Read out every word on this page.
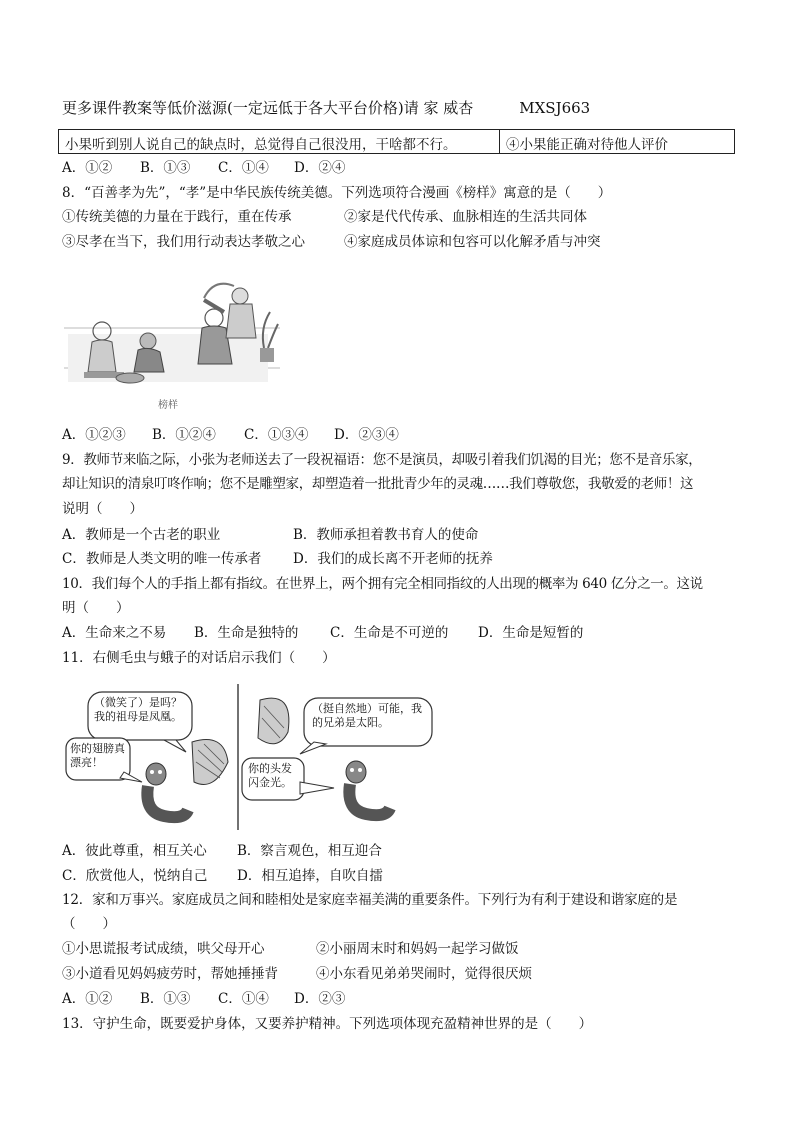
更多课件教案等低价滋源(一定远低于各大平台价格)请 家 威杏	MXSJ663
小果听到别人说自己的缺点时，总觉得自己很没用，干啥都不行。	④小果能正确对待他人评价
A．①② B．①③ C．①④ D．②④
8．“百善孝为先”，“孝”是中华民族传统美德。下列选项符合漫画《榜样》寓意的是（　　）
①传统美德的力量在于践行，重在传承	②家是代代传承、血脉相连的生活共同体
③尽孝在当下，我们用行动表达孝敬之心	④家庭成员体谅和包容可以化解矛盾与冲突
榜样
A．①②③ B．①②④ C．①③④ D．②③④
9．教师节来临之际，小张为老师送去了一段祝福语：您不是演员，却吸引着我们饥渴的目光；您不是音乐家，
却让知识的清泉叮咚作响；您不是雕塑家，却塑造着一批批青少年的灵魂……我们尊敬您，我敬爱的老师！这
说明（　　）
A．教师是一个古老的职业	B．教师承担着教书育人的使命
C．教师是人类文明的唯一传承者 D．我们的成长离不开老师的抚养
10．我们每个人的手指上都有指纹。在世界上，两个拥有完全相同指纹的人出现的概率为 640 亿分之一。这说
明（　　）
A．生命来之不易 B．生命是独特的 C．生命是不可逆的 D．生命是短暂的
11．右侧毛虫与蛾子的对话启示我们（　　）
（微笑了）是吗？我的祖母是凤凰。
你的翅膀真漂亮！
（挺自然地）可能，我的兄弟是太阳。
你的头发闪金光。
A．彼此尊重，相互关心 B．察言观色，相互迎合
C．欣赏他人，悦纳自己 D．相互追捧，自吹自擂
12．家和万事兴。家庭成员之间和睦相处是家庭幸福美满的重要条件。下列行为有利于建设和谐家庭的是
（　　）
①小思谎报考试成绩，哄父母开心	②小丽周末时和妈妈一起学习做饭
③小道看见妈妈疲劳时，帮她捶捶背	④小东看见弟弟哭闹时，觉得很厌烦
A．①② B．①③ C．①④ D．②③
13．守护生命，既要爱护身体，又要养护精神。下列选项体现充盈精神世界的是（　　）
